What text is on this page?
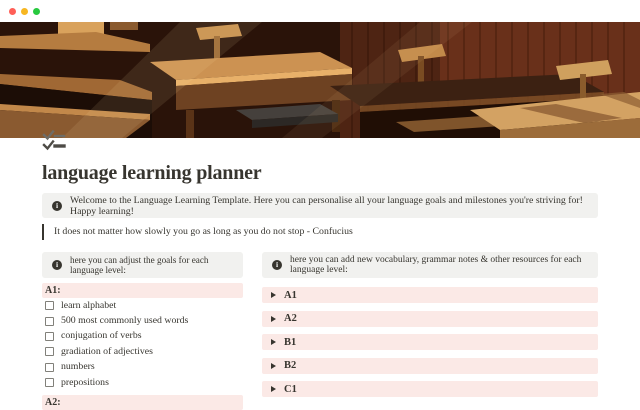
language learning planner
i
Welcome to the Language Learning Template. Here you can personalise all your language goals and milestones you're striving for! Happy learning!
It does not matter how slowly you go as long as you do not stop - Confucius
i
here you can adjust the goals for each language level:
A1:
learn alphabet
500 most commonly used words
conjugation of verbs
gradiation of adjectives
numbers
prepositions
A2:
i
here you can add new vocabulary, grammar notes & other resources for each language level:
A1
A2
B1
B2
C1
